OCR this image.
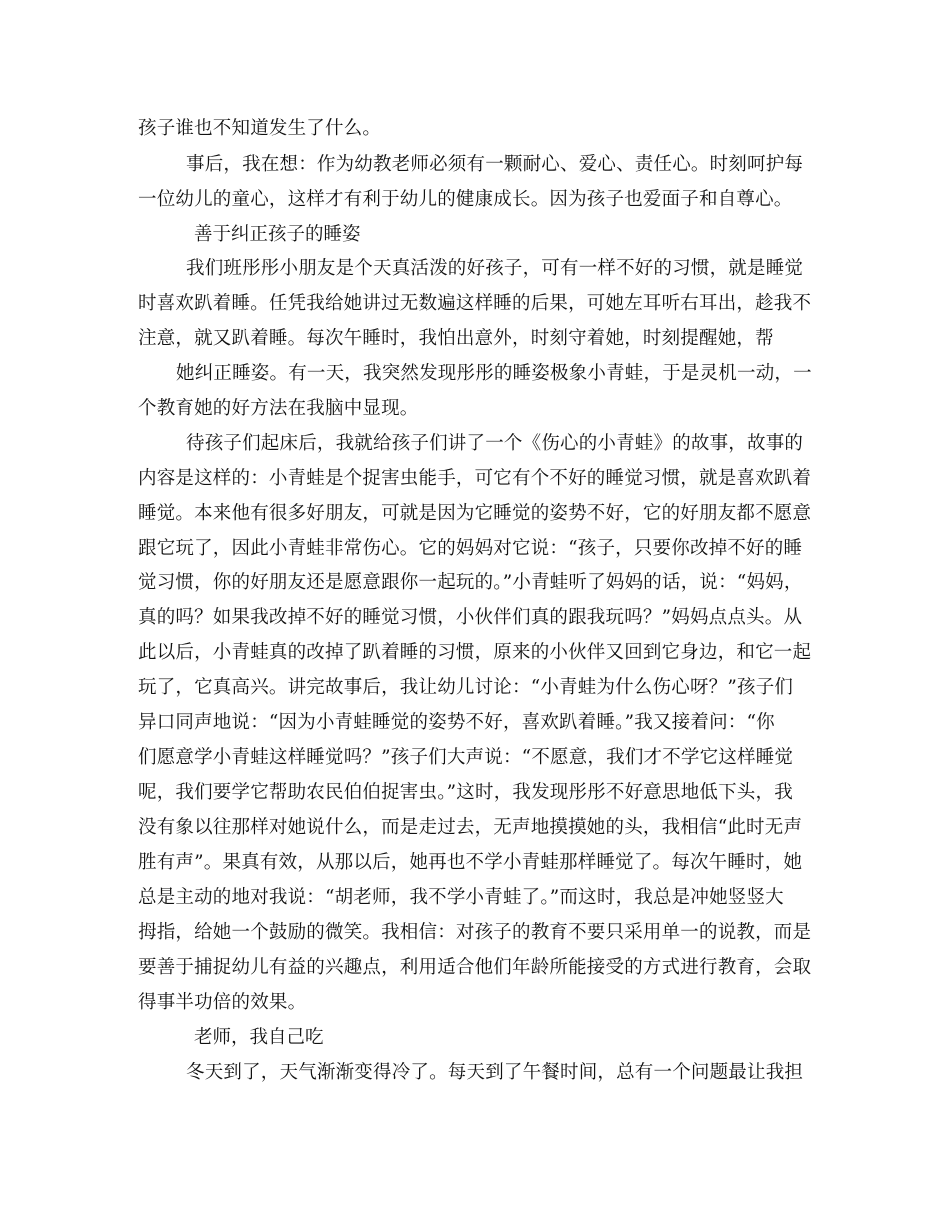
孩子谁也不知道发生了什么。
事后，我在想：作为幼教老师必须有一颗耐心、爱心、责任心。时刻呵护每
一位幼儿的童心，这样才有利于幼儿的健康成长。因为孩子也爱面子和自尊心。
善于纠正孩子的睡姿
我们班彤彤小朋友是个天真活泼的好孩子，可有一样不好的习惯，就是睡觉
时喜欢趴着睡。任凭我给她讲过无数遍这样睡的后果，可她左耳听右耳出，趁我不
注意，就又趴着睡。每次午睡时，我怕出意外，时刻守着她，时刻提醒她，帮
她纠正睡姿。有一天，我突然发现彤彤的睡姿极象小青蛙，于是灵机一动，一
个教育她的好方法在我脑中显现。
待孩子们起床后，我就给孩子们讲了一个《伤心的小青蛙》的故事，故事的
内容是这样的：小青蛙是个捉害虫能手，可它有个不好的睡觉习惯，就是喜欢趴着
睡觉。本来他有很多好朋友，可就是因为它睡觉的姿势不好，它的好朋友都不愿意
跟它玩了，因此小青蛙非常伤心。它的妈妈对它说：“孩子，只要你改掉不好的睡
觉习惯，你的好朋友还是愿意跟你一起玩的。”小青蛙听了妈妈的话，说：“妈妈，
真的吗？如果我改掉不好的睡觉习惯，小伙伴们真的跟我玩吗？”妈妈点点头。从
此以后，小青蛙真的改掉了趴着睡的习惯，原来的小伙伴又回到它身边，和它一起
玩了，它真高兴。讲完故事后，我让幼儿讨论：“小青蛙为什么伤心呀？”孩子们
异口同声地说：“因为小青蛙睡觉的姿势不好，喜欢趴着睡。”我又接着问：“你
们愿意学小青蛙这样睡觉吗？”孩子们大声说：“不愿意，我们才不学它这样睡觉
呢，我们要学它帮助农民伯伯捉害虫。”这时，我发现彤彤不好意思地低下头，我
没有象以往那样对她说什么，而是走过去，无声地摸摸她的头，我相信“此时无声
胜有声”。果真有效，从那以后，她再也不学小青蛙那样睡觉了。每次午睡时，她
总是主动的地对我说：“胡老师，我不学小青蛙了。”而这时，我总是冲她竖竖大
拇指，给她一个鼓励的微笑。我相信：对孩子的教育不要只采用单一的说教，而是
要善于捕捉幼儿有益的兴趣点，利用适合他们年龄所能接受的方式进行教育，会取
得事半功倍的效果。
老师，我自己吃
冬天到了，天气渐渐变得冷了。每天到了午餐时间，总有一个问题最让我担
